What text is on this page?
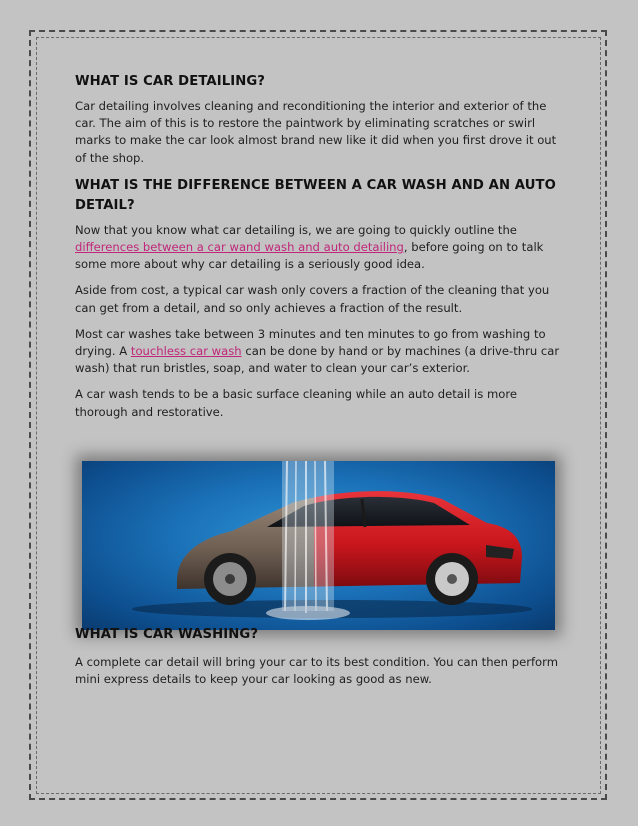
WHAT IS CAR DETAILING?

Car detailing involves cleaning and reconditioning the interior and exterior of the car. The aim of this is to restore the paintwork by eliminating scratches or swirl marks to make the car look almost brand new like it did when you first drove it out of the shop.

WHAT IS THE DIFFERENCE BETWEEN A CAR WASH AND AN AUTO DETAIL?

Now that you know what car detailing is, we are going to quickly outline the differences between a car wand wash and auto detailing, before going on to talk some more about why car detailing is a seriously good idea.

Aside from cost, a typical car wash only covers a fraction of the cleaning that you can get from a detail, and so only achieves a fraction of the result.

Most car washes take between 3 minutes and ten minutes to go from washing to drying. A touchless car wash can be done by hand or by machines (a drive-thru car wash) that run bristles, soap, and water to clean your car’s exterior.

A car wash tends to be a basic surface cleaning while an auto detail is more thorough and restorative.

WHAT IS CAR WASHING?

A complete car detail will bring your car to its best condition. You can then perform mini express details to keep your car looking as good as new.
